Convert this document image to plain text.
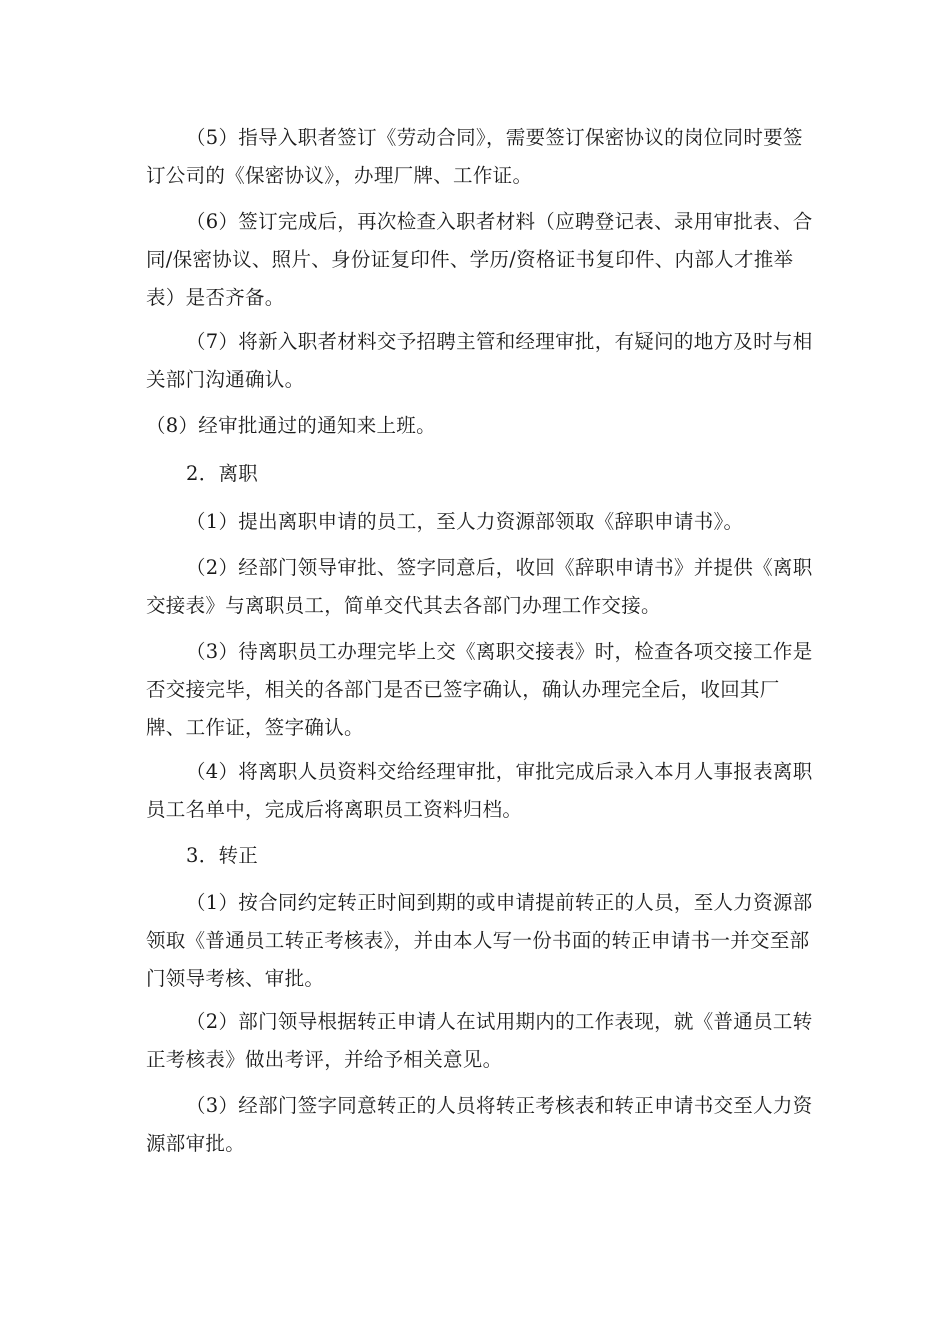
（5）指导入职者签订《劳动合同》，需要签订保密协议的岗位同时要签订公司的《保密协议》，办理厂牌、工作证。

（6）签订完成后，再次检查入职者材料（应聘登记表、录用审批表、合同/保密协议、照片、身份证复印件、学历/资格证书复印件、内部人才推举表）是否齐备。

（7）将新入职者材料交予招聘主管和经理审批，有疑问的地方及时与相关部门沟通确认。

（8）经审批通过的通知来上班。
2．离职

（1）提出离职申请的员工，至人力资源部领取《辞职申请书》。

（2）经部门领导审批、签字同意后，收回《辞职申请书》并提供《离职交接表》与离职员工，简单交代其去各部门办理工作交接。

（3）待离职员工办理完毕上交《离职交接表》时，检查各项交接工作是否交接完毕，相关的各部门是否已签字确认，确认办理完全后，收回其厂牌、工作证，签字确认。

（4）将离职人员资料交给经理审批，审批完成后录入本月人事报表离职员工名单中，完成后将离职员工资料归档。

3．转正

（1）按合同约定转正时间到期的或申请提前转正的人员，至人力资源部领取《普通员工转正考核表》，并由本人写一份书面的转正申请书一并交至部门领导考核、审批。

（2）部门领导根据转正申请人在试用期内的工作表现，就《普通员工转正考核表》做出考评，并给予相关意见。

（3）经部门签字同意转正的人员将转正考核表和转正申请书交至人力资源部审批。
